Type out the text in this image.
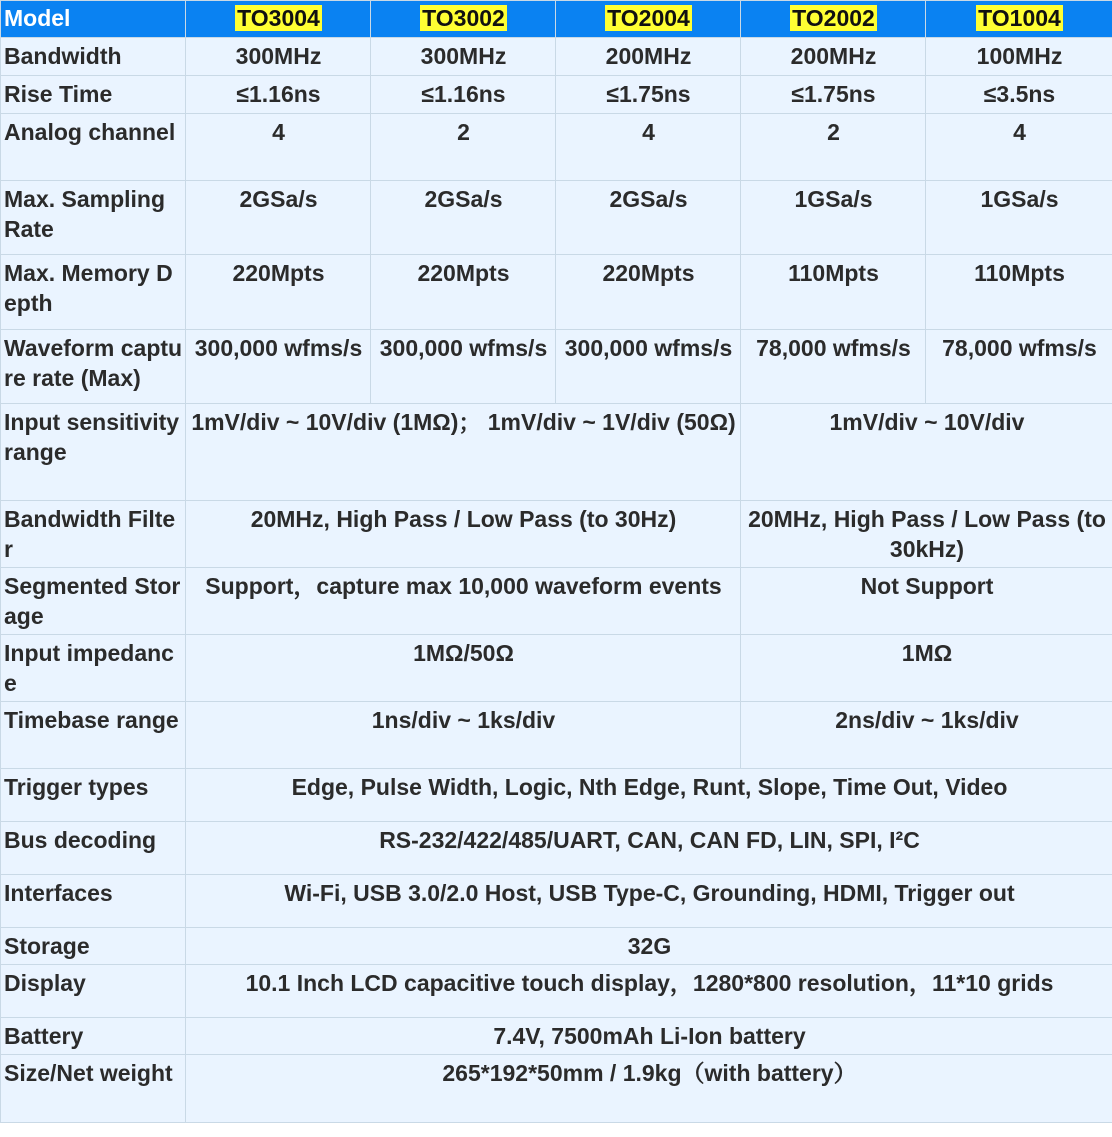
Model	TO3004	TO3002	TO2004	TO2002	TO1004
Bandwidth	300MHz	300MHz	200MHz	200MHz	100MHz
Rise Time	≤1.16ns	≤1.16ns	≤1.75ns	≤1.75ns	≤3.5ns
Analog channel	4	2	4	2	4
Max. Sampling Rate	2GSa/s	2GSa/s	2GSa/s	1GSa/s	1GSa/s
Max. Memory Depth	220Mpts	220Mpts	220Mpts	110Mpts	110Mpts
Waveform capture rate (Max)	300,000 wfms/s	300,000 wfms/s	300,000 wfms/s	78,000 wfms/s	78,000 wfms/s
Input sensitivity range	1mV/div ~ 10V/div (1MΩ)； 1mV/div ~ 1V/div (50Ω)			1mV/div ~ 10V/div	
Bandwidth Filter	20MHz, High Pass / Low Pass (to 30Hz)			20MHz, High Pass / Low Pass (to 30kHz)	
Segmented Storage	Support，capture max 10,000 waveform events			Not Support	
Input impedance	1MΩ/50Ω			1MΩ	
Timebase range	1ns/div ~ 1ks/div			2ns/div ~ 1ks/div	
Trigger types	Edge, Pulse Width, Logic, Nth Edge, Runt, Slope, Time Out, Video				
Bus decoding	RS-232/422/485/UART, CAN, CAN FD, LIN, SPI, I²C				
Interfaces	Wi-Fi, USB 3.0/2.0 Host, USB Type-C, Grounding, HDMI, Trigger out				
Storage	32G				
Display	10.1 Inch LCD capacitive touch display，1280*800 resolution，11*10 grids				
Battery	7.4V, 7500mAh Li-Ion battery				
Size/Net weight	265*192*50mm / 1.9kg（with battery）				
